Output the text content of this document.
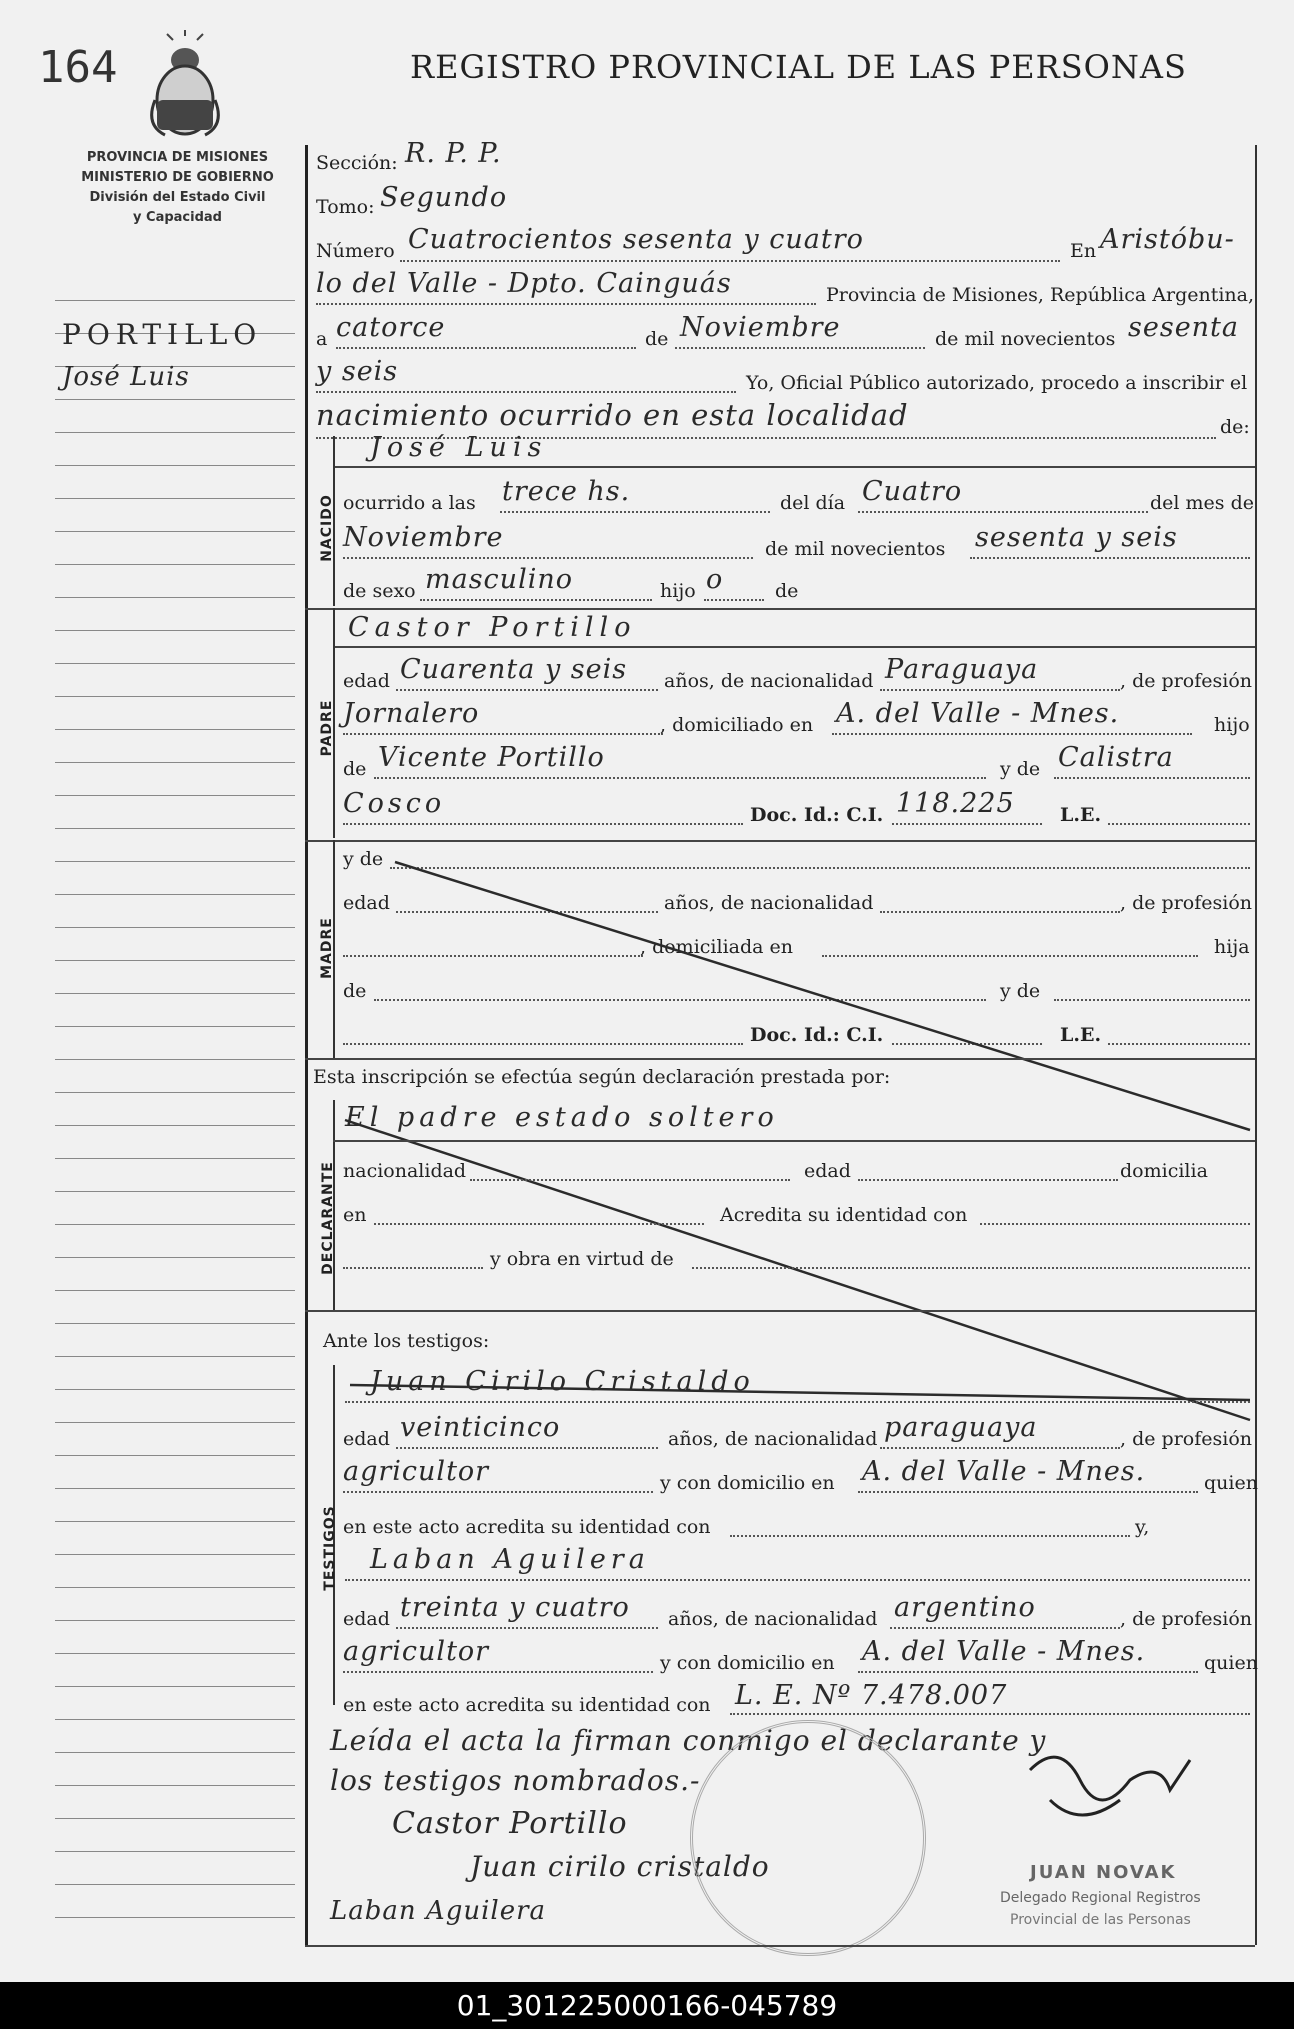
164	REGISTRO PROVINCIAL DE LAS PERSONAS
PROVINCIA DE MISIONES
MINISTERIO DE GOBIERNO
División del Estado Civil
y Capacidad
PORTILLO
José Luis
Sección: R. P. P.
Tomo: Segundo
Número Cuatrocientos sesenta y cuatro	En Aristóbu-
lo del Valle - Dpto. Cainguás	Provincia de Misiones, República Argentina,
a catorce	de Noviembre	de mil novecientos sesenta
y seis	Yo, Oficial Público autorizado, procedo a inscribir el
nacimiento ocurrido en esta localidad	de:
NACIDO
José Luis
ocurrido a las trece hs.	del día Cuatro	del mes de
Noviembre	de mil novecientos sesenta y seis
de sexo masculino	hijo o	de
PADRE
Castor Portillo
edad Cuarenta y seis años, de nacionalidad Paraguaya	, de profesión
Jornalero	, domiciliado en A. del Valle - Mnes.	hijo
de Vicente Portillo	y de Calistra
Cosco	Doc. Id.: C.I. 118.225 L.E.
MADRE
y de
edad	años, de nacionalidad	, de profesión
, domiciliada en	hija
de	y de
Doc. Id.: C.I.	L.E.
Esta inscripción se efectúa según declaración prestada por:
DECLARANTE
El padre estado soltero
nacionalidad	edad	domicilia
en	Acredita su identidad con
y obra en virtud de
Ante los testigos:
TESTIGOS
Juan Cirilo Cristaldo
edad veinticinco	años, de nacionalidad paraguaya	, de profesión
agricultor	y con domicilio en A. del Valle - Mnes.	quien
en este acto acredita su identidad con	y,
Laban Aguilera
edad treinta y cuatro años, de nacionalidad argentino	, de profesión
agricultor	y con domicilio en A. del Valle - Mnes.	quien
en este acto acredita su identidad con L. E. Nº 7.478.007
Leída el acta la firman conmigo el declarante y
los testigos nombrados.-
Castor Portillo
Juan cirilo cristaldo
Laban Aguilera
JUAN NOVAK
Delegado Regional Registros
Provincial de las Personas
01_301225000166-045789
